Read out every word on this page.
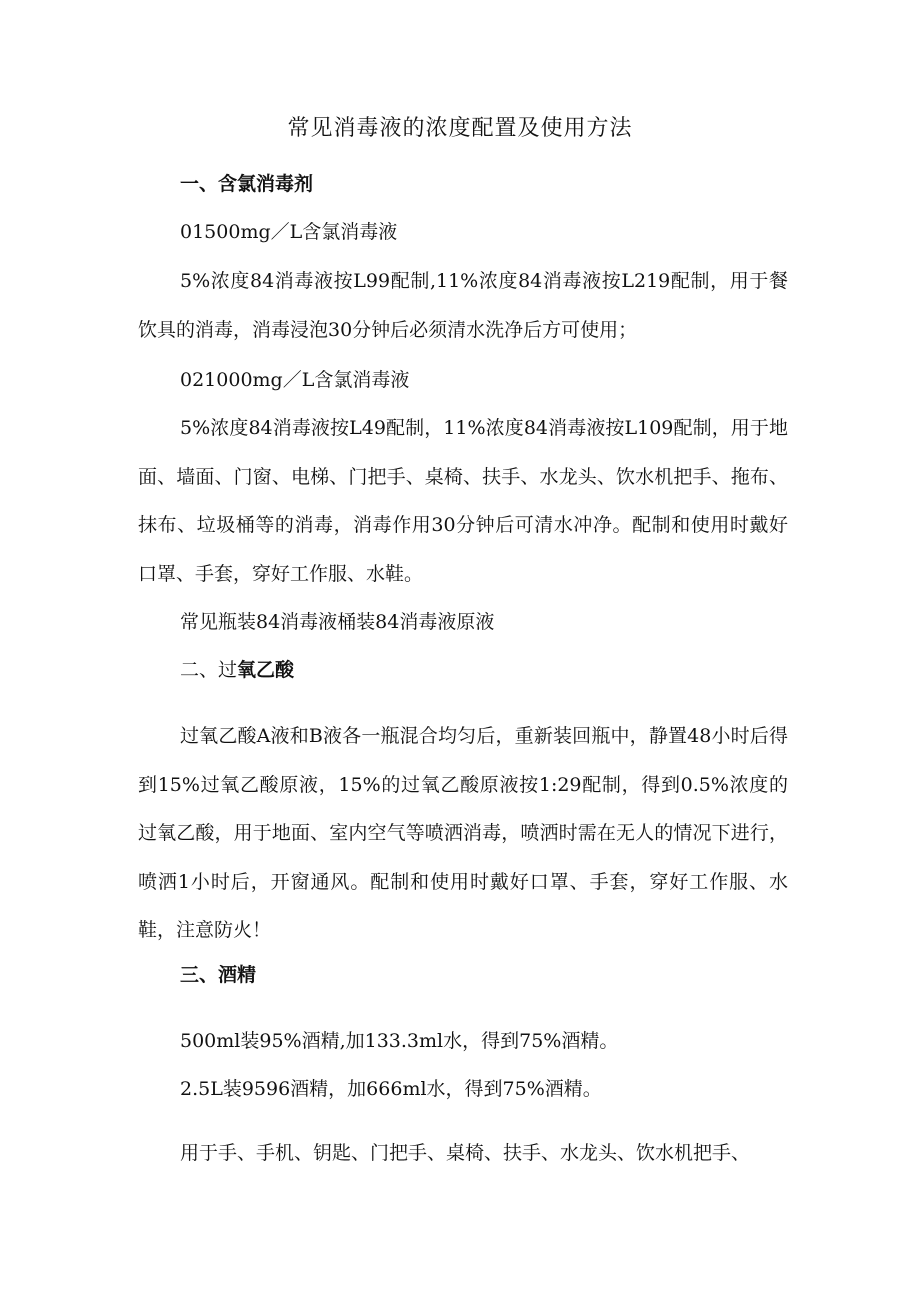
常见消毒液的浓度配置及使用方法
一、含氯消毒剂
01500mg／L含氯消毒液
5%浓度84消毒液按L99配制,11%浓度84消毒液按L219配制，用于餐饮具的消毒，消毒浸泡30分钟后必须清水洗净后方可使用；
021000mg／L含氯消毒液
5%浓度84消毒液按L49配制，11%浓度84消毒液按L109配制，用于地面、墙面、门窗、电梯、门把手、桌椅、扶手、水龙头、饮水机把手、拖布、抹布、垃圾桶等的消毒，消毒作用30分钟后可清水冲净。配制和使用时戴好口罩、手套，穿好工作服、水鞋。
常见瓶装84消毒液桶装84消毒液原液
二、过氧乙酸
过氧乙酸A液和B液各一瓶混合均匀后，重新装回瓶中，静置48小时后得到15%过氧乙酸原液，15%的过氧乙酸原液按1:29配制，得到0.5%浓度的过氧乙酸，用于地面、室内空气等喷洒消毒，喷洒时需在无人的情况下进行，喷洒1小时后，开窗通风。配制和使用时戴好口罩、手套，穿好工作服、水鞋，注意防火！
三、酒精
500ml装95%酒精,加133.3ml水，得到75%酒精。
2.5L装9596酒精，加666ml水，得到75%酒精。
用于手、手机、钥匙、门把手、桌椅、扶手、水龙头、饮水机把手、
